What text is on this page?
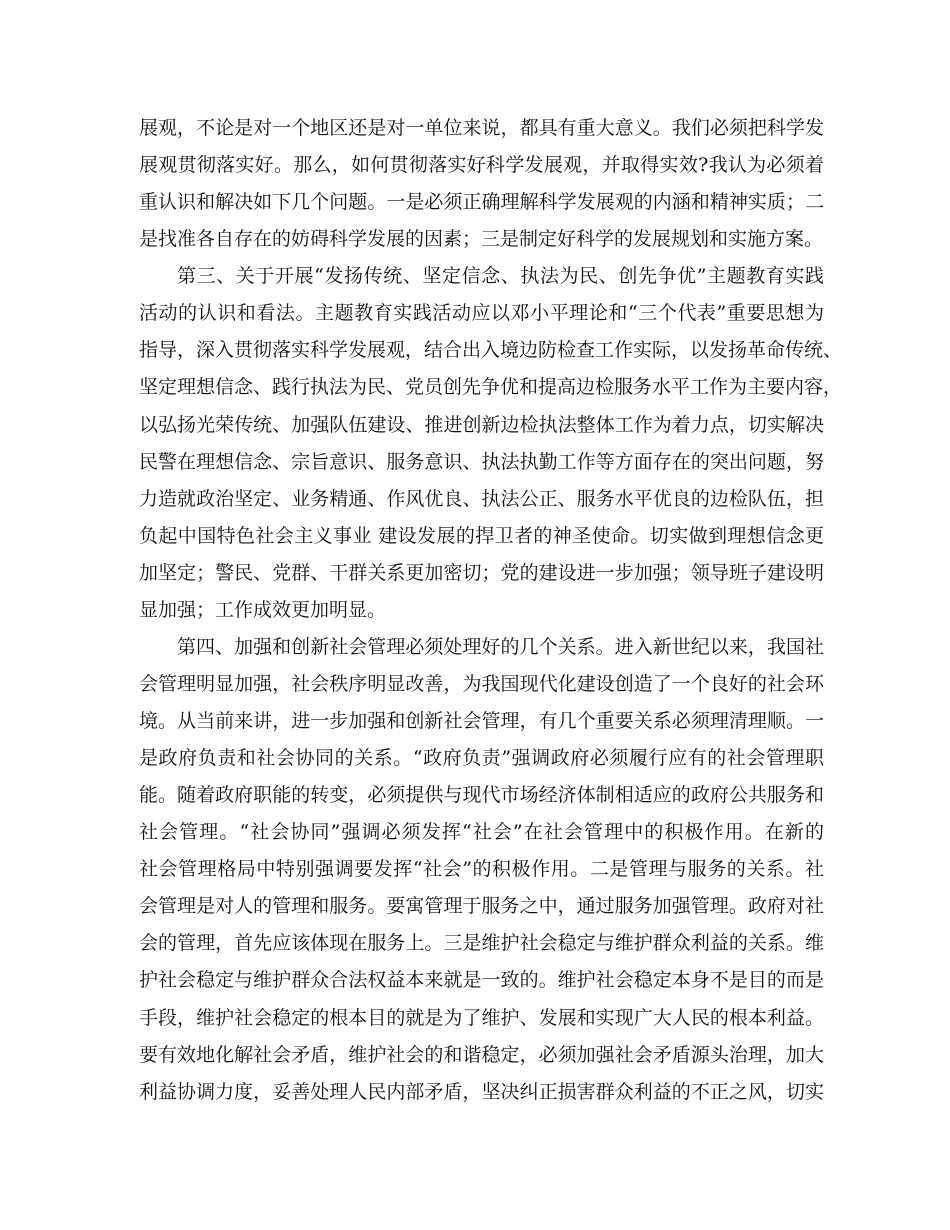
展观，不论是对一个地区还是对一单位来说，都具有重大意义。我们必须把科学发
展观贯彻落实好。那么，如何贯彻落实好科学发展观，并取得实效?我认为必须着
重认识和解决如下几个问题。一是必须正确理解科学发展观的内涵和精神实质；二
是找准各自存在的妨碍科学发展的因素；三是制定好科学的发展规划和实施方案。
第三、关于开展“发扬传统、坚定信念、执法为民、创先争优”主题教育实践
活动的认识和看法。主题教育实践活动应以邓小平理论和“三个代表”重要思想为
指导，深入贯彻落实科学发展观，结合出入境边防检查工作实际，以发扬革命传统、
坚定理想信念、践行执法为民、党员创先争优和提高边检服务水平工作为主要内容，
以弘扬光荣传统、加强队伍建设、推进创新边检执法整体工作为着力点，切实解决
民警在理想信念、宗旨意识、服务意识、执法执勤工作等方面存在的突出问题，努
力造就政治坚定、业务精通、作风优良、执法公正、服务水平优良的边检队伍，担
负起中国特色社会主义事业 建设发展的捍卫者的神圣使命。切实做到理想信念更
加坚定；警民、党群、干群关系更加密切；党的建设进一步加强；领导班子建设明
显加强；工作成效更加明显。
第四、加强和创新社会管理必须处理好的几个关系。进入新世纪以来，我国社
会管理明显加强，社会秩序明显改善，为我国现代化建设创造了一个良好的社会环
境。从当前来讲，进一步加强和创新社会管理，有几个重要关系必须理清理顺。一
是政府负责和社会协同的关系。“政府负责”强调政府必须履行应有的社会管理职
能。随着政府职能的转变，必须提供与现代市场经济体制相适应的政府公共服务和
社会管理。“社会协同”强调必须发挥“社会”在社会管理中的积极作用。在新的
社会管理格局中特别强调要发挥“社会”的积极作用。二是管理与服务的关系。社
会管理是对人的管理和服务。要寓管理于服务之中，通过服务加强管理。政府对社
会的管理，首先应该体现在服务上。三是维护社会稳定与维护群众利益的关系。维
护社会稳定与维护群众合法权益本来就是一致的。维护社会稳定本身不是目的而是
手段，维护社会稳定的根本目的就是为了维护、发展和实现广大人民的根本利益。
要有效地化解社会矛盾，维护社会的和谐稳定，必须加强社会矛盾源头治理，加大
利益协调力度，妥善处理人民内部矛盾，坚决纠正损害群众利益的不正之风，切实
